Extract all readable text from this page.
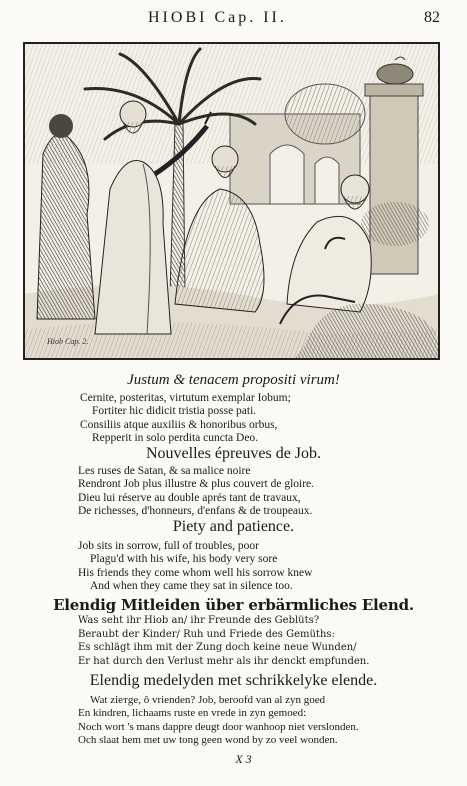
HIOBI Cap. II.	82
Hiob Cap. 2.
Justum & tenacem propositi virum!
Cernite, posteritas, virtutum exemplar Iobum;
Fortiter hic didicit tristia posse pati.
Consiliis atque auxiliis & honoribus orbus,
Repperit in solo perdita cuncta Deo.
Nouvelles épreuves de Job.
Les ruses de Satan, & sa malice noire
Rendront Job plus illustre & plus couvert de gloire.
Dieu lui réserve au double aprés tant de travaux,
De richesses, d'honneurs, d'enfans & de troupeaux.
Piety and patience.
Job sits in sorrow, full of troubles, poor
Plagu'd with his wife, his body very sore
His friends they come whom well his sorrow knew
And when they came they sat in silence too.
Elendig Mitleiden über erbärmliches Elend.
Was seht ihr Hiob an/ ihr Freunde des Geblüts?
Beraubt der Kinder/ Ruh und Friede des Gemüths:
Es schlägt ihm mit der Zung doch keine neue Wunden/
Er hat durch den Verlust mehr als ihr denckt empfunden.
Elendig medelyden met schrikkelyke elende.
Wat ziетge, ô vrienden? Job, beroofd van al zyn goed
En kindren, lichaams ruste en vrede in zyn gemoed:
Noch wort 's mans dappre deugt door wanhoop niet verslonden.
Och slaat hem met uw tong geen wond by zo veel wonden.
X 3
